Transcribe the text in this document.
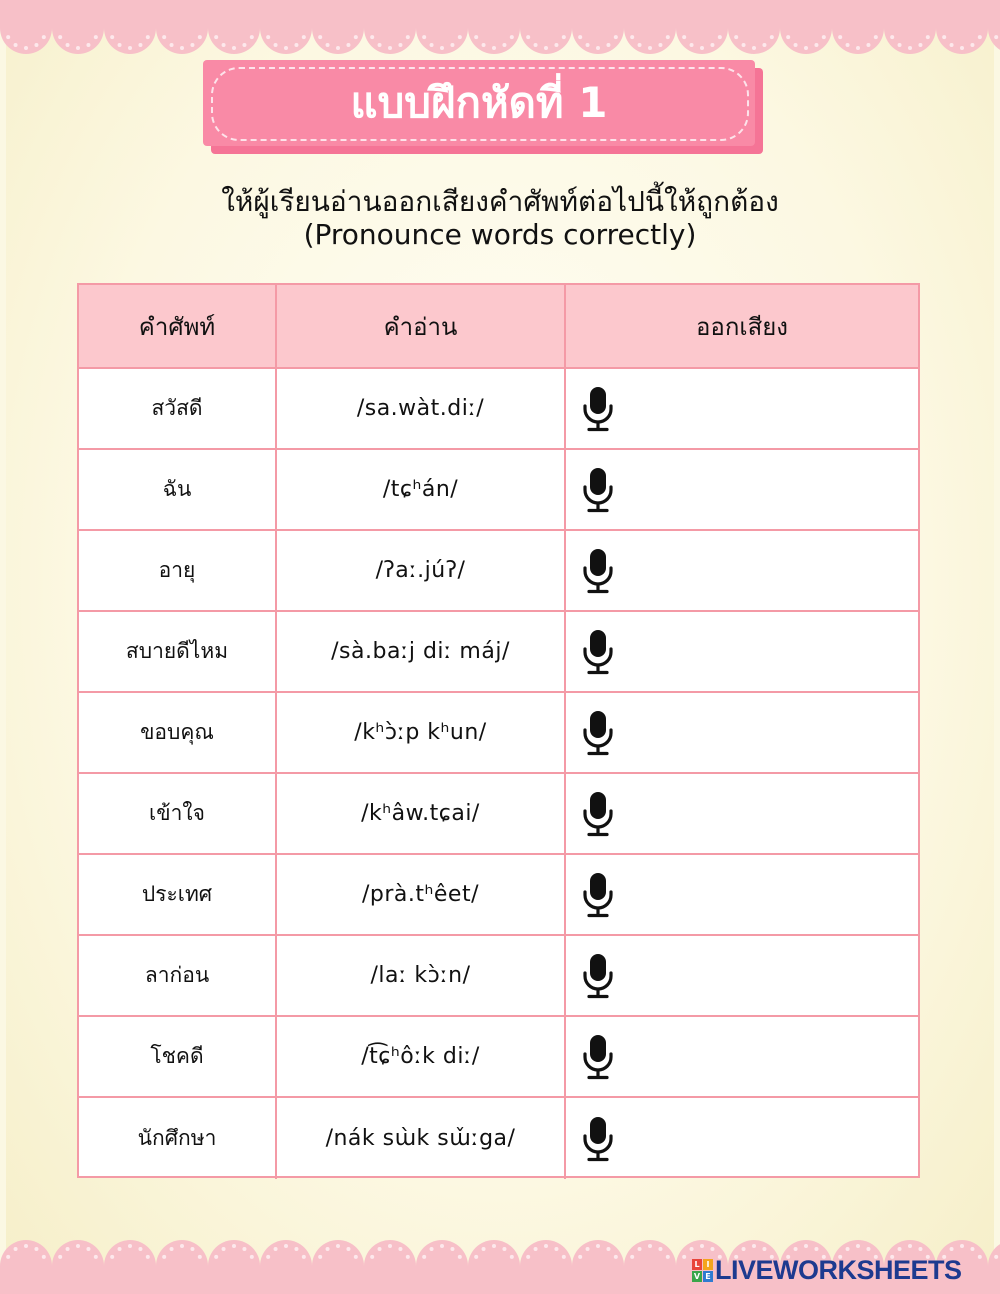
แบบฝึกหัดที่ 1
ให้ผู้เรียนอ่านออกเสียงคำศัพท์ต่อไปนี้ให้ถูกต้อง
(Pronounce words correctly)
คำศัพท์	คำอ่าน	ออกเสียง
สวัสดี	/sa.wàt.diː/
ฉัน	/tɕʰán/
อายุ	/ʔaː.júʔ/
สบายดีไหม	/sà.baːj diː máj/
ขอบคุณ	/kʰɔ̀ːp kʰun/
เข้าใจ	/kʰâw.tɕai/
ประเทศ	/prà.tʰêet/
ลาก่อน	/laː kɔ̀ːn/
โชคดี	/t͡ɕʰôːk diː/
นักศึกษา	/nák sɯ̀k sɯ̌ːga/
L I
V E LIVEWORKSHEETS
